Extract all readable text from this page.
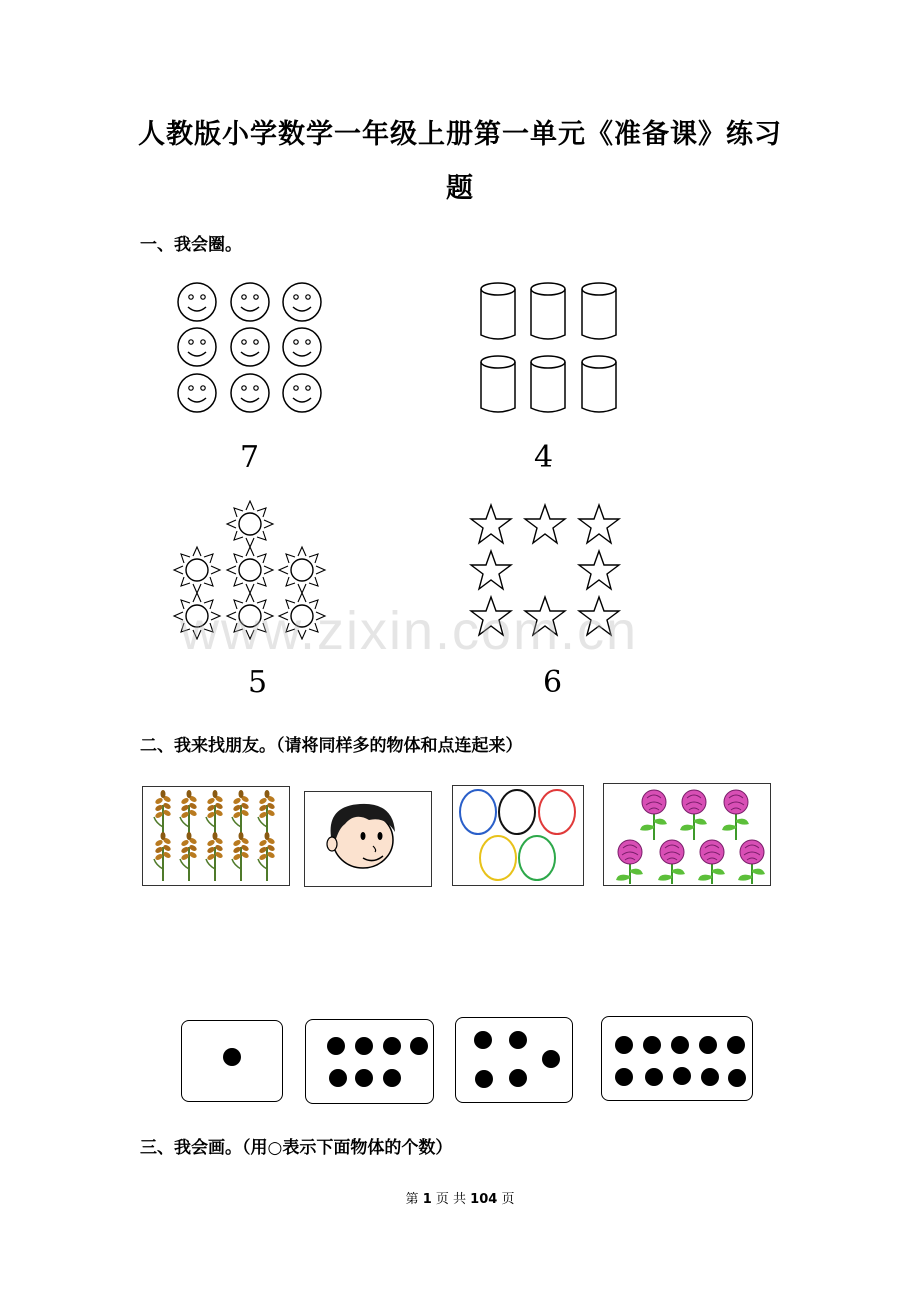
人教版小学数学一年级上册第一单元《准备课》练习
题
一、我会圈。
7	4
5	6
www.zixin.com.cn
二、我来找朋友。（请将同样多的物体和点连起来）
三、我会画。（用○表示下面物体的个数）
第 1 页 共 104 页
